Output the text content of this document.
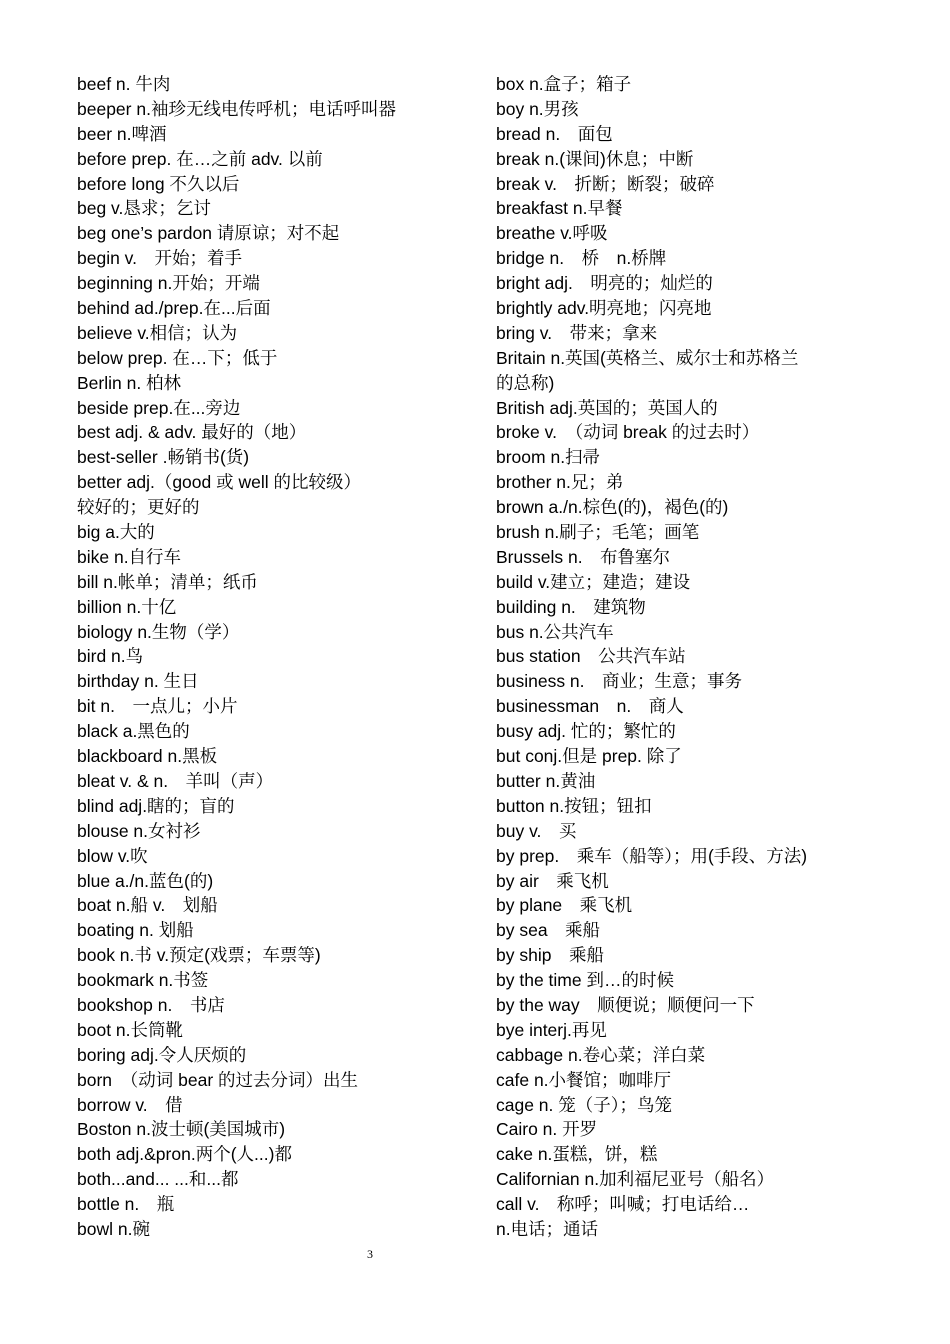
beef n. 牛肉
beeper n.袖珍无线电传呼机；电话呼叫器
beer n.啤酒
before prep. 在…之前 adv. 以前
before long 不久以后
beg v.恳求；乞讨
beg one’s pardon 请原谅；对不起
begin v.　开始；着手
beginning n.开始；开端
behind ad./prep.在...后面
believe v.相信；认为
below prep. 在…下；低于
Berlin n. 柏林
beside prep.在...旁边
best adj. & adv. 最好的（地）
best-seller .畅销书(货)
better adj.（good 或 well 的比较级）
较好的；更好的
big a.大的
bike n.自行车
bill n.帐单；清单；纸币
billion n.十亿
biology n.生物（学）
bird n.鸟
birthday n. 生日
bit n.　一点儿；小片
black a.黑色的
blackboard n.黑板
bleat v. & n.　羊叫（声）
blind adj.瞎的；盲的
blouse n.女衬衫
blow v.吹
blue a./n.蓝色(的)
boat n.船 v.　划船
boating n. 划船
book n.书 v.预定(戏票；车票等)
bookmark n.书签
bookshop n.　书店
boot n.长筒靴
boring adj.令人厌烦的
born　（动词 bear 的过去分词）出生
borrow v.　借
Boston n.波士顿(美国城市)
both adj.&pron.两个(人...)都
both...and... ...和...都
bottle n.　瓶
bowl n.碗
box n.盒子；箱子
boy n.男孩
bread n.　面包
break n.(课间)休息；中断
break v.　折断；断裂；破碎
breakfast n.早餐
breathe v.呼吸
bridge n.　桥　n.桥牌
bright adj.　明亮的；灿烂的
brightly adv.明亮地；闪亮地
bring v.　带来；拿来
Britain n.英国(英格兰、威尔士和苏格兰
的总称)
British adj.英国的；英国人的
broke v.　（动词 break 的过去时）
broom n.扫帚
brother n.兄；弟
brown a./n.棕色(的)，褐色(的)
brush n.刷子；毛笔；画笔
Brussels n.　布鲁塞尔
build v.建立；建造；建设
building n.　建筑物
bus n.公共汽车
bus station　公共汽车站
business n.　商业；生意；事务
businessman　n.　商人
busy adj. 忙的；繁忙的
but conj.但是 prep. 除了
butter n.黄油
button n.按钮；钮扣
buy v.　买
by prep.　乘车（船等）；用(手段、方法)
by air　乘飞机
by plane　乘飞机
by sea　乘船
by ship　乘船
by the time 到…的时候
by the way　顺便说；顺便问一下
bye interj.再见
cabbage n.卷心菜；洋白菜
cafe n.小餐馆；咖啡厅
cage n. 笼（子）；鸟笼
Cairo n. 开罗
cake n.蛋糕，饼，糕
Californian n.加利福尼亚号（船名）
call v.　称呼；叫喊；打电话给…
n.电话；通话
3
